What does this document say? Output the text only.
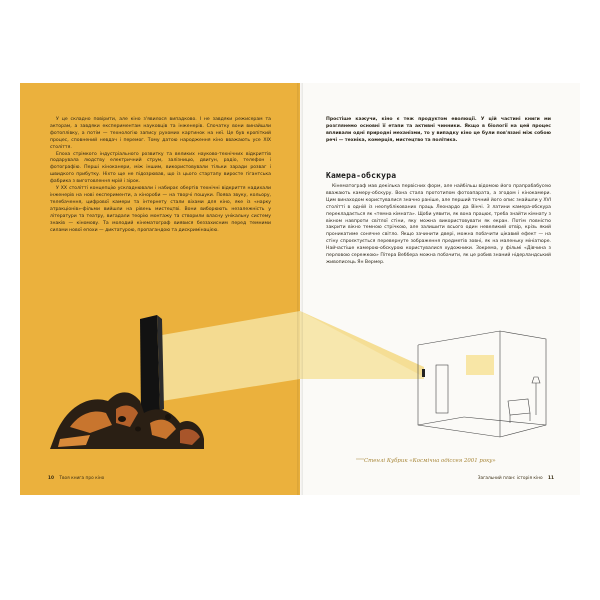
У це складно повірити, але кіно з'явилося випадково. І не завдяки режисерам та акторам, а завдяки експериментам науковців та інженерів. Спочатку вони винайшли фотоплівку, а потім — технологію запису рухомих картинок на неї. Це був кропіткий процес, сповнений невдач і перемог. Тому датою народження кіно вважають усе XIX століття.

Епоха стрімкого індустріального розвитку та великих науково-технічних відкриттів подарувала людству електричний струм, залізницю, двигун, радіо, телефон і фотографію. Перші кіноканери, між іншим, використовували тільки заради розваг і швидкого прибутку. Ніхто ще не підозрював, що із цього стартапу виросте гігантська фабрика з виготовлення мрій і зірок.

У XX столітті концепцію ускладнювали і набирає обертів технічні відкриття надихали інженерів на нові експерименти, а кінороби — на творчі пошуки. Поява звуку, кольору, телебачення, цифрової камери та інтернету стали віхами для кіно, яке із «нарку атракціонів»-фільми вийшли на рівень мистецтві. Вони виборюють незалежність у літератури та театру, вигадали теорію монтажу та створили власну унікальну систему знаків — кіномову. Та молодий кінематограф виявися беззахисним перед темними силами нової епохи — диктатурою, пропагандою та дискримінацією.

10 Твоя книга про кіно

Простіше кажучи, кіно є теж продуктом еволюції. У цій частині книги ми розглянемо основні її етапи та активні чинники. Якщо в біології на цей процес впливали одні природні механізми, то у випадку кіно це були пов'язані між собою речі — техніка, комерція, мистецтво та політика.

Камера-обскура

Кінематограф мав декілька первісних форм, але найбільш відомою його прапрабабусею вважають камеру-обскуру. Вона стала прототипом фотоапарата, а згодом і кінокамери. Цим винаходом користувалися значно раніше, але перший точний його опис знайшли у XVI столітті в одній із неопублікованих праць Леонардо да Вінчі. З латини камера-обскура перекладається як «темна кімната». Щоби уявити, як вона працює, треба знайти кімнату з вікном навпроти світлої стіни, яку можна використовувати як екран. Потім повністю закрити вікно темною стрічкою, але залишити всього один невеликий отвір, крізь який проникатиме сонячне світло. Якщо зачинити двері, можна побачити цікавий ефект — на стіну спроєктується перевернуте зображення предметів зовні, як на маленьку мініатюре. Найчастіше камерою-обскурою користувалися художники. Зокрема, у фільмі «Дівчина з перловою сережкою» Пітера Веббера можна побачити, як це робив знаний нідерландський живописець Ян Вермер.

Стенлі Кубрик «Космічна одіссея 2001 року»
Загальний план: історія кіно 11
